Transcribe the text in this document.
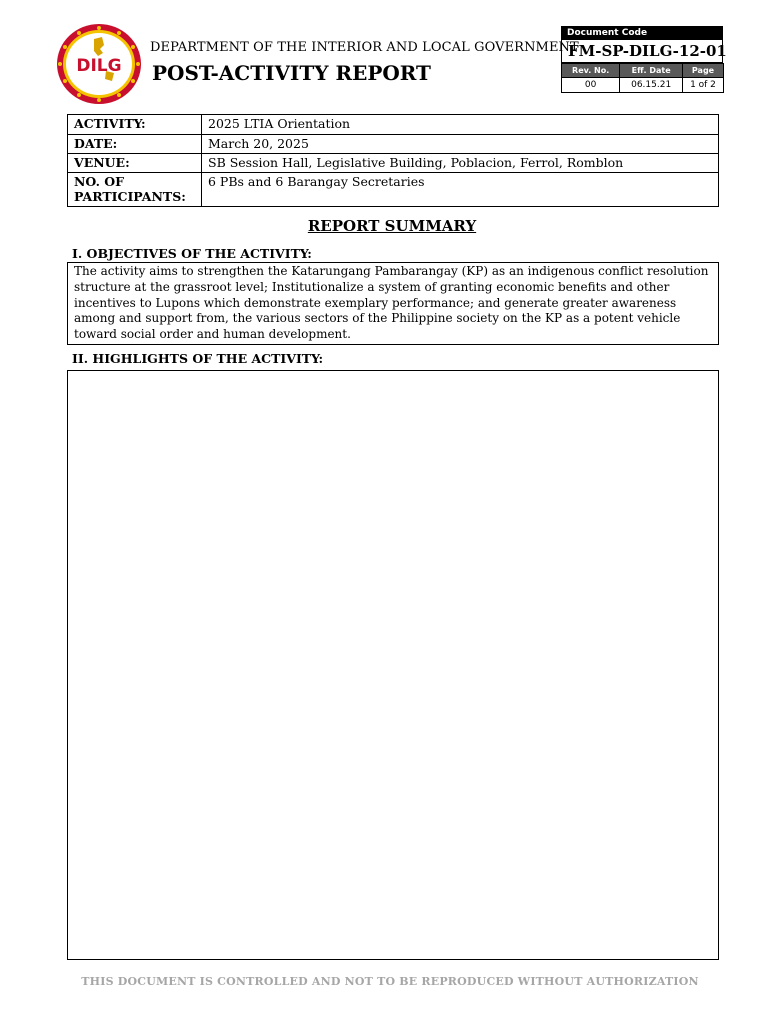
DILG
DEPARTMENT OF THE INTERIOR AND LOCAL GOVERNMENT
POST-ACTIVITY REPORT
Document Code
FM-SP-DILG-12-01
Rev. No.	Eff. Date	Page
00	06.15.21	1 of 2
ACTIVITY:	2025 LTIA Orientation
DATE:	March 20, 2025
VENUE:	SB Session Hall, Legislative Building, Poblacion, Ferrol, Romblon
NO. OF PARTICIPANTS:	6 PBs and 6 Barangay Secretaries
REPORT SUMMARY
I. OBJECTIVES OF THE ACTIVITY:
The activity aims to strengthen the Katarungang Pambarangay (KP) as an indigenous conflict resolution structure at the grassroot level; Institutionalize a system of granting economic benefits and other incentives to Lupons which demonstrate exemplary performance; and generate greater awareness among and support from, the various sectors of the Philippine society on the KP as a potent vehicle toward social order and human development.
II. HIGHLIGHTS OF THE ACTIVITY:
THIS DOCUMENT IS CONTROLLED AND NOT TO BE REPRODUCED WITHOUT AUTHORIZATION
